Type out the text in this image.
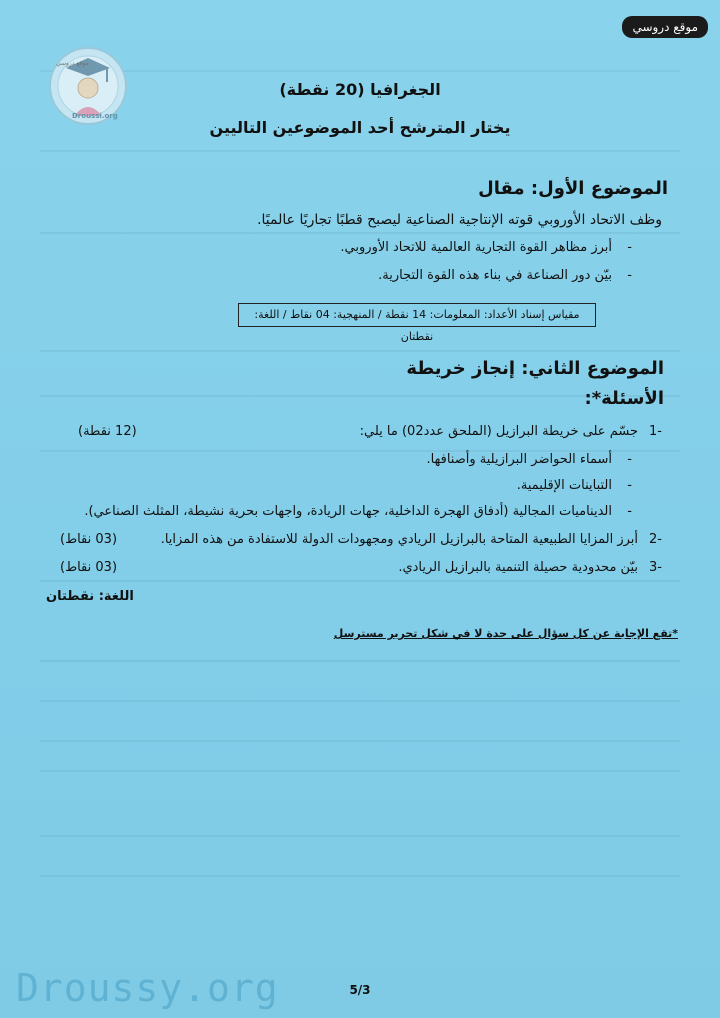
موقع دروسي
موقع دروسي
Droussi.org
الجغرافيا (20 نقطة)
يختار المترشح أحد الموضوعين التاليين
الموضوع الأول: مقال
وظف الاتحاد الأوروبي قوته الإنتاجية الصناعية ليصبح قطبًا تجاريًا عالميًا.
-
أبرز مظاهر القوة التجارية العالمية للاتحاد الأوروبي.
-
بيّن دور الصناعة في بناء هذه القوة التجارية.
مقياس إسناد الأعداد: المعلومات: 14 نقطة / المنهجية: 04 نقاط / اللغة: نقطتان
الموضوع الثاني: إنجاز خريطة
الأسئلة*:
-1
جسّم على خريطة البرازيل (الملحق عدد02) ما يلي:
(12 نقطة)
-
أسماء الحواضر البرازيلية وأصنافها.
-
التباينات الإقليمية.
-
الديناميات المجالية (أدفاق الهجرة الداخلية، جهات الريادة، واجهات بحرية نشيطة، المثلث الصناعي).
-2
أبرز المزايا الطبيعية المتاحة بالبرازيل الريادي ومجهودات الدولة للاستفادة من هذه المزايا.
(03 نقاط)
-3
بيّن محدودية حصيلة التنمية بالبرازيل الريادي.
(03 نقاط)
اللغة: نقطتان
*تقع الإجابة عن كل سؤال على حدة لا في شكل تحرير مسترسل
5/3
Droussy.org
